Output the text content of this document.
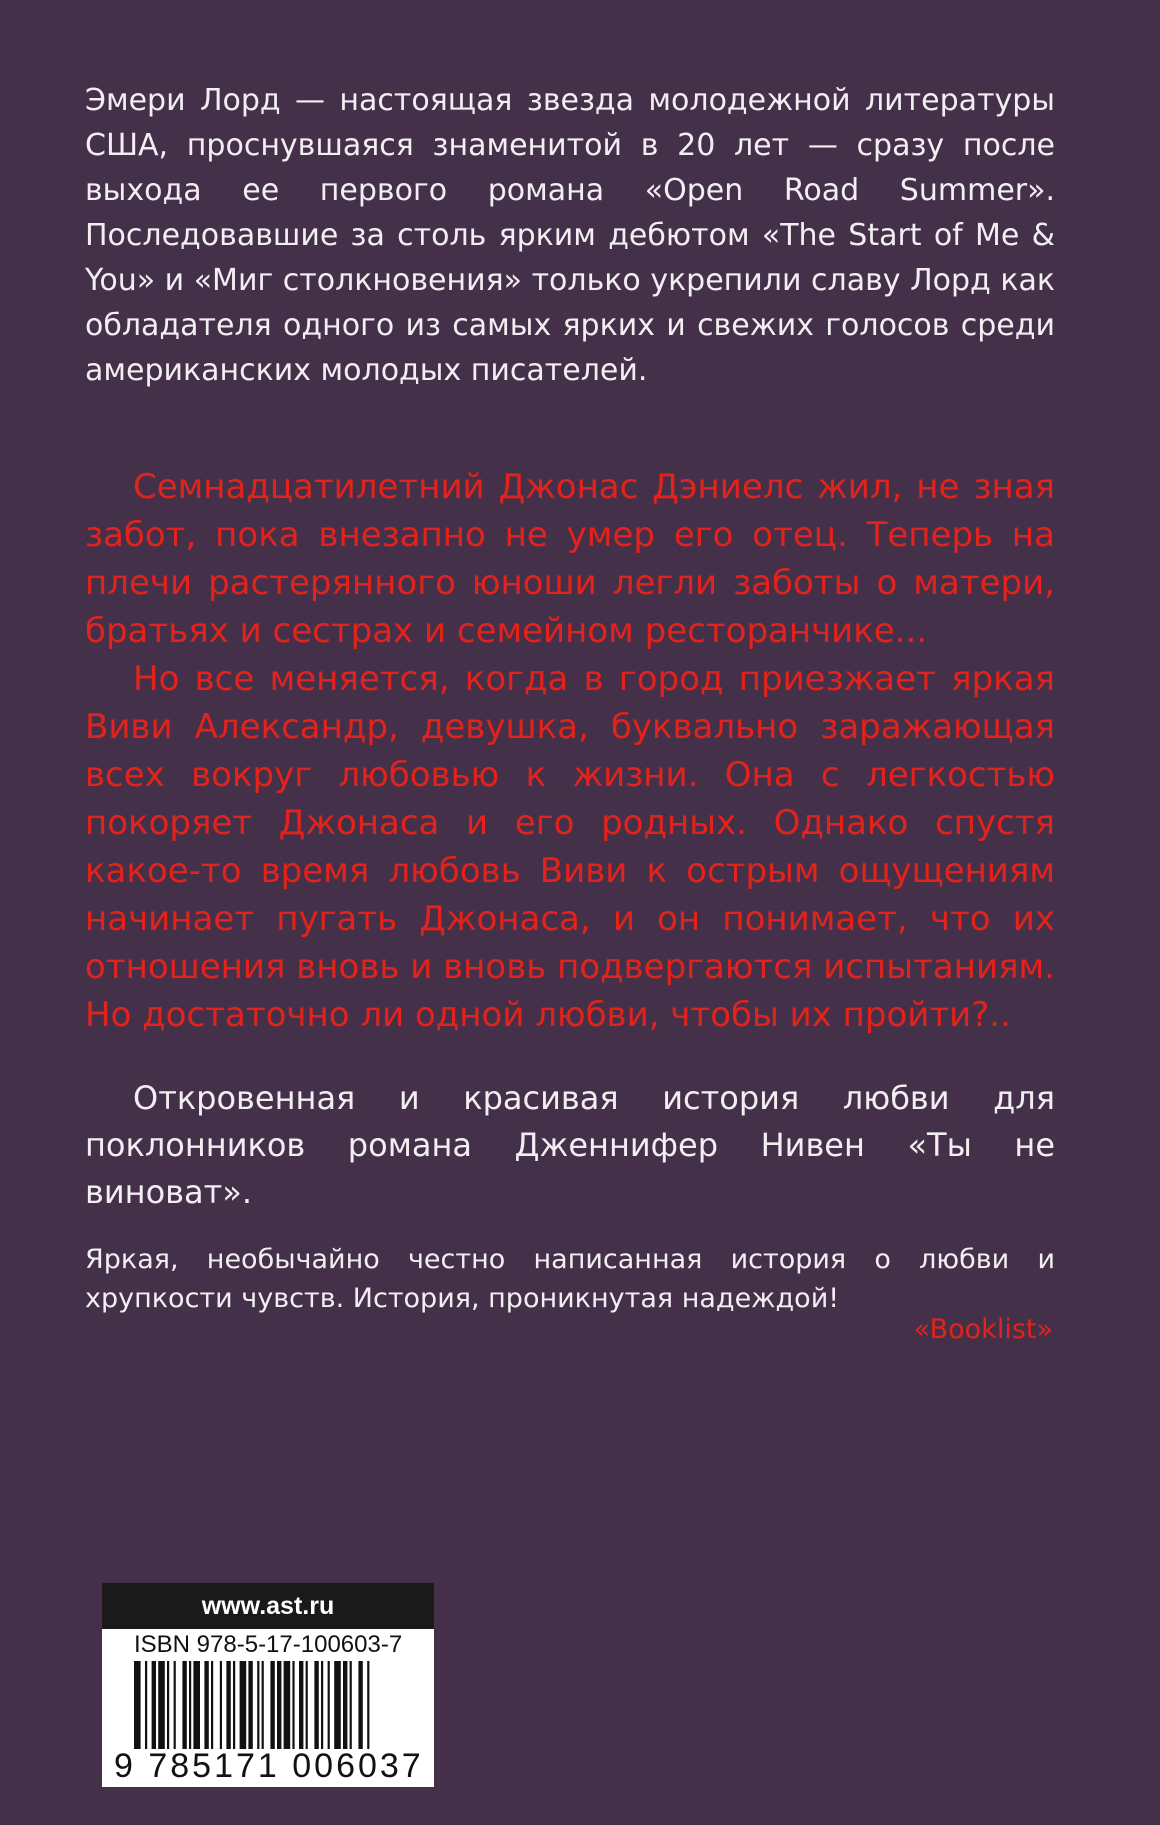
Эмери Лорд — настоящая звезда молодежной литературы США, проснувшаяся знаменитой в 20 лет — сразу после выхода ее первого романа «Open Road Summer». Последовавшие за столь ярким дебютом «The Start of Me & You» и «Миг столкновения» только укрепили славу Лорд как обладателя одного из самых ярких и свежих голосов среди американских молодых писателей.

Семнадцатилетний Джонас Дэниелс жил, не зная забот, пока внезапно не умер его отец. Теперь на плечи растерянного юноши легли заботы о матери, братьях и сестрах и семейном ресторанчике...

Но все меняется, когда в город приезжает яркая Виви Александр, девушка, буквально заражающая всех вокруг любовью к жизни. Она с легкостью покоряет Джонаса и его родных. Однако спустя какое-то время любовь Виви к острым ощущениям начинает пугать Джонаса, и он понимает, что их отношения вновь и вновь подвергаются испытаниям. Но достаточно ли одной любви, чтобы их пройти?..

Откровенная и красивая история любви для поклонников романа Дженнифер Нивен «Ты не виноват».

Яркая, необычайно честно написанная история о любви и хрупкости чувств. История, проникнутая надеждой!

«Booklist»

www.ast.ru

ISBN 978-5-17-100603-7

9 785171 006037
